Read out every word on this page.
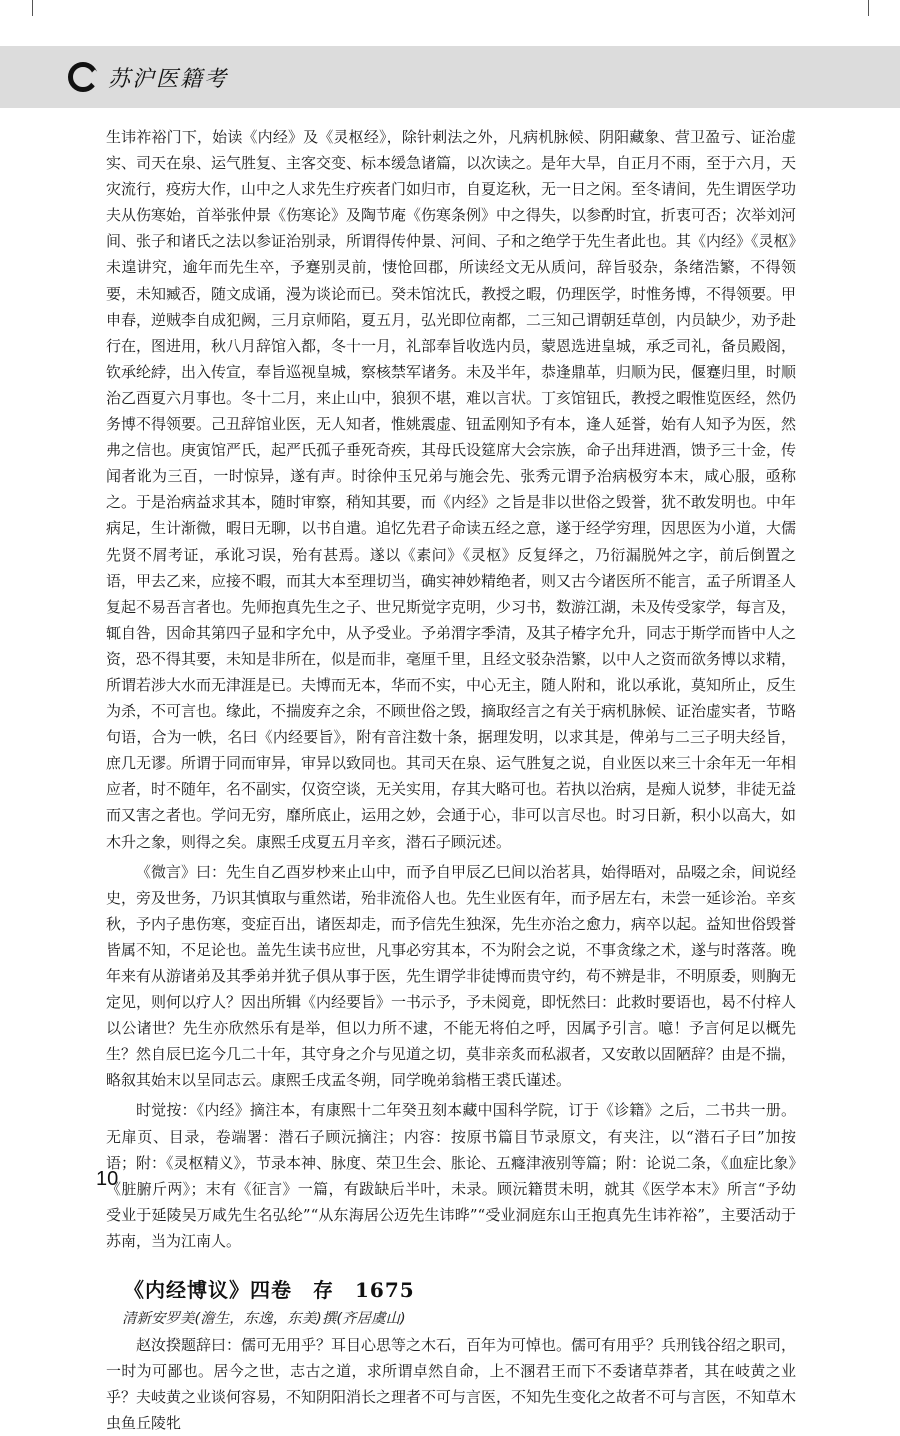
苏沪医籍考

生讳祚裕门下，始读《内经》及《灵枢经》，除针刺法之外，凡病机脉候、阴阳藏象、营卫盈亏、证治虚实、司天在泉、运气胜复、主客交变、标本缓急诸篇，以次读之。是年大旱，自正月不雨，至于六月，天灾流行，疫疠大作，山中之人求先生疗疾者门如归市，自夏迄秋，无一日之闲。至冬请间，先生谓医学功夫从伤寒始，首举张仲景《伤寒论》及陶节庵《伤寒条例》中之得失，以参酌时宜，折衷可否；次举刘河间、张子和诸氏之法以参证治别录，所谓得传仲景、河间、子和之绝学于先生者此也。其《内经》《灵枢》未遑讲究，逾年而先生卒，予蹇别灵前，悽怆回郡，所读经文无从质问，辞旨驳杂，条绪浩繁，不得领要，未知臧否，随文成诵，漫为谈论而已。癸未馆沈氏，教授之暇，仍理医学，时惟务博，不得领要。甲申春，逆贼李自成犯阙，三月京师陷，夏五月，弘光即位南都，二三知己谓朝廷草创，内员缺少，劝予赴行在，图进用，秋八月辞馆入都，冬十一月，礼部奉旨收选内员，蒙恩选进皇城，承乏司礼，备员殿阁，钦承纶綍，出入传宣，奉旨巡视皇城，察核禁军诸务。未及半年，恭逢鼎革，归顺为民，偃蹇归里，时顺治乙酉夏六月事也。冬十二月，来止山中，狼狈不堪，难以言状。丁亥馆钮氏，教授之暇惟览医经，然仍务博不得领要。己丑辞馆业医，无人知者，惟姚震虚、钮孟刚知予有本，逢人延誉，始有人知予为医，然弗之信也。庚寅馆严氏，起严氏孤子垂死奇疾，其母氏设筵席大会宗族，命子出拜进酒，馈予三十金，传闻者讹为三百，一时惊异，遂有声。时徐仲玉兄弟与施会先、张秀元谓予治病极穷本末，咸心服，亟称之。于是治病益求其本，随时审察，稍知其要，而《内经》之旨是非以世俗之毁誉，犹不敢发明也。中年病足，生计渐微，暇日无聊，以书自遣。追忆先君子命读五经之意，遂于经学穷理，因思医为小道，大儒先贤不屑考证，承讹习误，殆有甚焉。遂以《素问》《灵枢》反复绎之，乃衍漏脱舛之字，前后倒置之语，甲去乙来，应接不暇，而其大本至理切当，确实神妙精绝者，则又古今诸医所不能言，孟子所谓圣人复起不易吾言者也。先师抱真先生之子、世兄斯觉字克明，少习书，数游江湖，未及传受家学，每言及，辄自咎，因命其第四子显和字允中，从予受业。予弟渭字季清，及其子椿字允升，同志于斯学而皆中人之资，恐不得其要，未知是非所在，似是而非，毫厘千里，且经文驳杂浩繁，以中人之资而欲务博以求精，所谓若涉大水而无津涯是已。夫博而无本，华而不实，中心无主，随人附和，讹以承讹，莫知所止，反生为杀，不可言也。缘此，不揣废弃之余，不顾世俗之毁，摘取经言之有关于病机脉候、证治虚实者，节略句语，合为一帙，名曰《内经要旨》，附有音注数十条，据理发明，以求其是，俾弟与二三子明夫经旨，庶几无谬。所谓于同而审异，审异以致同也。其司天在泉、运气胜复之说，自业医以来三十余年无一年相应者，时不随年，名不副实，仅资空谈，无关实用，存其大略可也。若执以治病，是痴人说梦，非徒无益而又害之者也。学问无穷，靡所底止，运用之妙，会通于心，非可以言尽也。时习日新，积小以高大，如木升之象，则得之矣。康熙壬戌夏五月辛亥，潜石子顾沅述。

《微言》曰：先生自乙酉岁杪来止山中，而予自甲辰乙巳间以治茗具，始得晤对，品啜之余，间说经史，旁及世务，乃识其慎取与重然诺，殆非流俗人也。先生业医有年，而予居左右，未尝一延诊治。辛亥秋，予内子患伤寒，变症百出，诸医却走，而予信先生独深，先生亦治之愈力，病卒以起。益知世俗毁誉皆属不知，不足论也。盖先生读书应世，凡事必穷其本，不为附会之说，不事贪缘之术，遂与时落落。晚年来有从游诸弟及其季弟并犹子俱从事于医，先生谓学非徒博而贵守约，苟不辨是非，不明原委，则胸无定见，则何以疗人？因出所辑《内经要旨》一书示予，予未阅竟，即怃然曰：此救时要语也，曷不付梓人以公诸世？先生亦欣然乐有是举，但以力所不逮，不能无将伯之呼，因属予引言。噫！予言何足以概先生？然自辰巳迄今几二十年，其守身之介与见道之切，莫非亲炙而私淑者，又安敢以固陋辞？由是不揣，略叙其始末以呈同志云。康熙壬戌孟冬朔，同学晚弟翁楷王裘氏谨述。

时觉按：《内经》摘注本，有康熙十二年癸丑刻本藏中国科学院，订于《诊籍》之后，二书共一册。无扉页、目录，卷端署：潜石子顾沅摘注；内容：按原书篇目节录原文，有夹注，以“潜石子曰”加按语；附：《灵枢精义》，节录本神、脉度、荣卫生会、胀论、五癃津液别等篇；附：论说二条，《血症比象》《脏腑斤两》；末有《征言》一篇，有跋缺后半叶，未录。顾沅籍贯未明，就其《医学本末》所言“予幼受业于延陵吴万咸先生名弘纶”“从东海居公迈先生讳晔”“受业洞庭东山王抱真先生讳祚裕”，主要活动于苏南，当为江南人。

《内经博议》四卷　存　1675
清新安罗美(澹生，东逸，东美)撰(齐居虞山)

赵汝揆题辞曰：儒可无用乎？耳目心思等之木石，百年为可悼也。儒可有用乎？兵刑钱谷绍之职司，一时为可鄙也。居今之世，志古之道，求所谓卓然自命，上不溷君王而下不委诸草莽者，其在岐黄之业乎？夫岐黄之业谈何容易，不知阴阳消长之理者不可与言医，不知先生变化之故者不可与言医，不知草木虫鱼丘陵牝

10
